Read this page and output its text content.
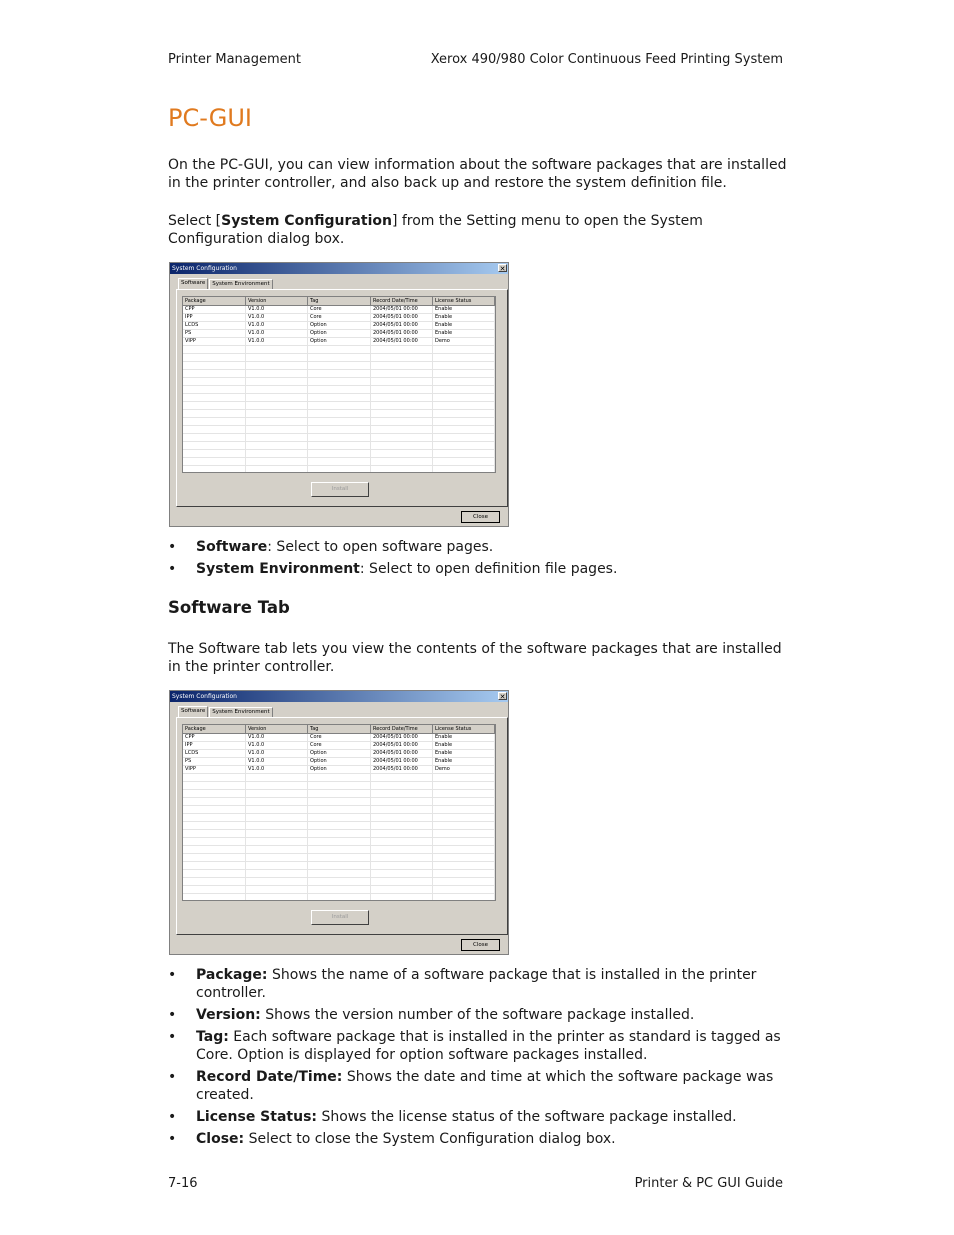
Printer Management	Xerox 490/980 Color Continuous Feed Printing System
PC-GUI

On the PC-GUI, you can view information about the software packages that are installed in the printer controller, and also back up and restore the system definition file.

Select [System Configuration] from the Setting menu to open the System Configuration dialog box.

System Configuration	✕
Software	System Environment
Package	Version	Tag	Record Date/Time	License Status
CPP	V1.0.0	Core	2004/05/01 00:00	Enable
IPP	V1.0.0	Core	2004/05/01 00:00	Enable
LCDS	V1.0.0	Option	2004/05/01 00:00	Enable
PS	V1.0.0	Option	2004/05/01 00:00	Enable
VIPP	V1.0.0	Option	2004/05/01 00:00	Demo
Install
Close
• Software: Select to open software pages.
• System Environment: Select to open definition file pages.
Software Tab

The Software tab lets you view the contents of the software packages that are installed in the printer controller.

System Configuration	✕
Software	System Environment
Package	Version	Tag	Record Date/Time	License Status
CPP	V1.0.0	Core	2004/05/01 00:00	Enable
IPP	V1.0.0	Core	2004/05/01 00:00	Enable
LCDS	V1.0.0	Option	2004/05/01 00:00	Enable
PS	V1.0.0	Option	2004/05/01 00:00	Enable
VIPP	V1.0.0	Option	2004/05/01 00:00	Demo
Install
Close
• Package: Shows the name of a software package that is installed in the printer controller.
• Version: Shows the version number of the software package installed.
• Tag: Each software package that is installed in the printer as standard is tagged as Core. Option is displayed for option software packages installed.
• Record Date/Time: Shows the date and time at which the software package was created.
• License Status: Shows the license status of the software package installed.
• Close: Select to close the System Configuration dialog box.
7-16	Printer & PC GUI Guide
